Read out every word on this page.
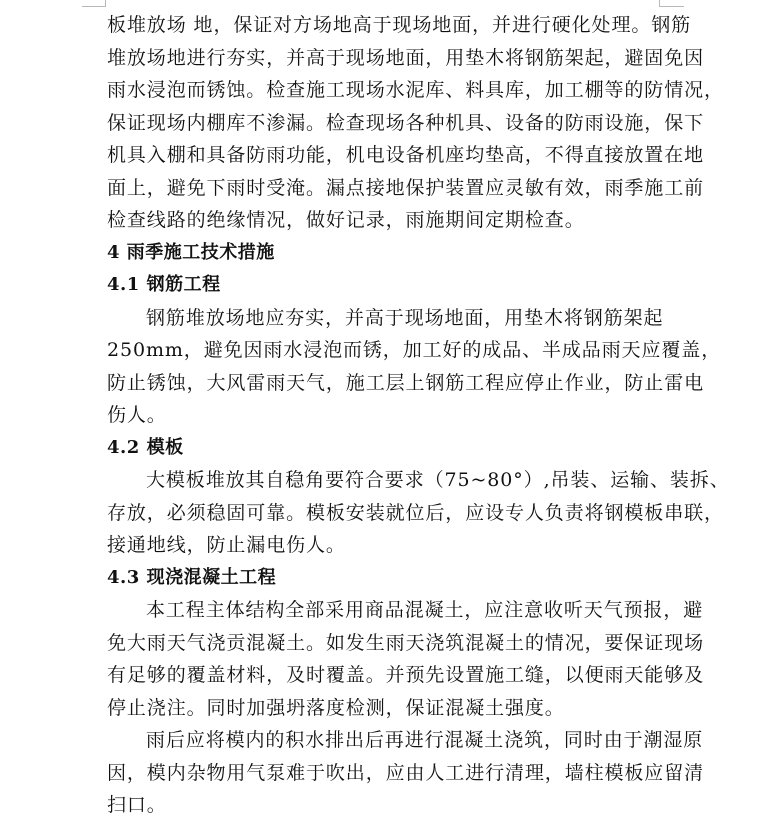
板堆放场 地，保证对方场地高于现场地面，并进行硬化处理。钢筋
堆放场地进行夯实，并高于现场地面，用垫木将钢筋架起，避固免因
雨水浸泡而锈蚀。检查施工现场水泥库、料具库，加工棚等的防情况，
保证现场内棚库不渗漏。检查现场各种机具、设备的防雨设施，保下
机具入棚和具备防雨功能，机电设备机座均垫高，不得直接放置在地
面上，避免下雨时受淹。漏点接地保护装置应灵敏有效，雨季施工前
检查线路的绝缘情况，做好记录，雨施期间定期检查。
4 雨季施工技术措施
4.1 钢筋工程
钢筋堆放场地应夯实，并高于现场地面，用垫木将钢筋架起
250mm，避免因雨水浸泡而锈，加工好的成品、半成品雨天应覆盖，
防止锈蚀，大风雷雨天气，施工层上钢筋工程应停止作业，防止雷电
伤人。
4.2 模板
大模板堆放其自稳角要符合要求（75~80°）,吊装、运输、装拆、
存放，必须稳固可靠。模板安装就位后，应设专人负责将钢模板串联，
接通地线，防止漏电伤人。
4.3 现浇混凝土工程
本工程主体结构全部采用商品混凝土，应注意收听天气预报，避
免大雨天气浇贡混凝土。如发生雨天浇筑混凝土的情况，要保证现场
有足够的覆盖材料，及时覆盖。并预先设置施工缝，以便雨天能够及
停止浇注。同时加强坍落度检测，保证混凝土强度。
雨后应将模内的积水排出后再进行混凝土浇筑，同时由于潮湿原
因，模内杂物用气泵难于吹出，应由人工进行清理，墙柱模板应留清
扫口。
